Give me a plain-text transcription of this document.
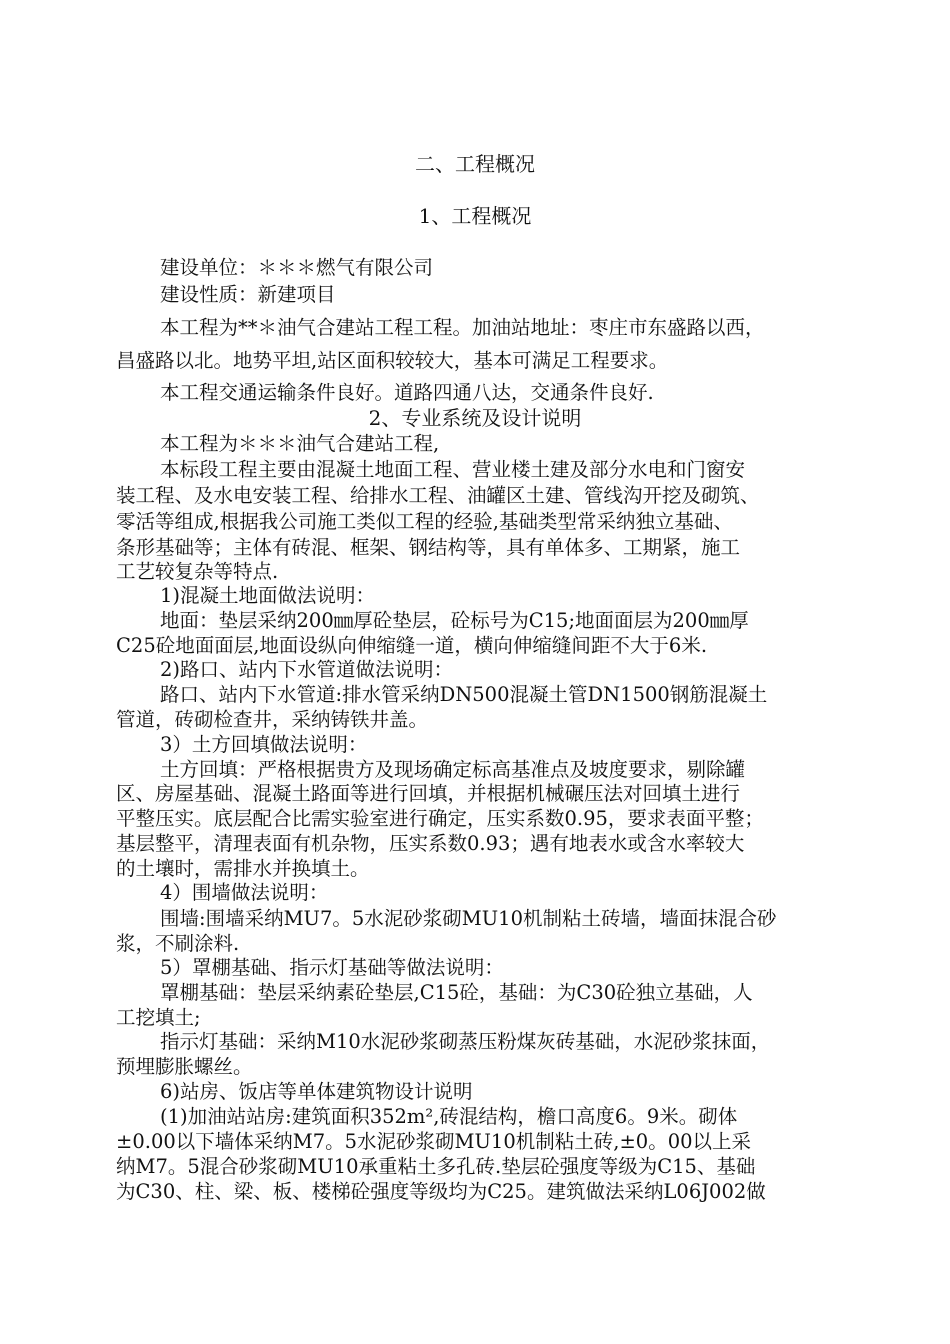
二、工程概况
1、工程概况
建设单位：＊＊＊燃气有限公司
建设性质：新建项目
本工程为**＊油气合建站工程工程。加油站地址：枣庄市东盛路以西，
昌盛路以北。地势平坦,站区面积较较大，基本可满足工程要求。
本工程交通运输条件良好。道路四通八达，交通条件良好.
2、专业系统及设计说明
本工程为＊＊＊油气合建站工程,
本标段工程主要由混凝土地面工程、营业楼土建及部分水电和门窗安
装工程、及水电安装工程、给排水工程、油罐区土建、管线沟开挖及砌筑、
零活等组成,根据我公司施工类似工程的经验,基础类型常采纳独立基础、
条形基础等；主体有砖混、框架、钢结构等，具有单体多、工期紧，施工
工艺较复杂等特点.
1)混凝土地面做法说明：
地面：垫层采纳200㎜厚砼垫层，砼标号为C15;地面面层为200㎜厚
C25砼地面面层,地面设纵向伸缩缝一道，横向伸缩缝间距不大于6米.
2)路口、站内下水管道做法说明：
路口、站内下水管道:排水管采纳DN500混凝土管DN1500钢筋混凝土
管道，砖砌检查井，采纳铸铁井盖。
3）土方回填做法说明：
土方回填：严格根据贵方及现场确定标高基准点及坡度要求，剔除罐
区、房屋基础、混凝土路面等进行回填，并根据机械碾压法对回填土进行
平整压实。底层配合比需实验室进行确定，压实系数0.95，要求表面平整；
基层整平，清理表面有机杂物，压实系数0.93；遇有地表水或含水率较大
的土壤时，需排水并换填土。
4）围墙做法说明：
围墙:围墙采纳MU7。5水泥砂浆砌MU10机制粘土砖墙，墙面抹混合砂
浆，不刷涂料.
5）罩棚基础、指示灯基础等做法说明：
罩棚基础：垫层采纳素砼垫层,C15砼，基础：为C30砼独立基础，人
工挖填土;
指示灯基础：采纳M10水泥砂浆砌蒸压粉煤灰砖基础，水泥砂浆抹面，
预埋膨胀螺丝。
6)站房、饭店等单体建筑物设计说明
(1)加油站站房:建筑面积352m²,砖混结构，檐口高度6。9米。砌体
±0.00以下墙体采纳M7。5水泥砂浆砌MU10机制粘土砖,±0。00以上采
纳M7。5混合砂浆砌MU10承重粘土多孔砖.垫层砼强度等级为C15、基础
为C30、柱、梁、板、楼梯砼强度等级均为C25。建筑做法采纳L06J002做
